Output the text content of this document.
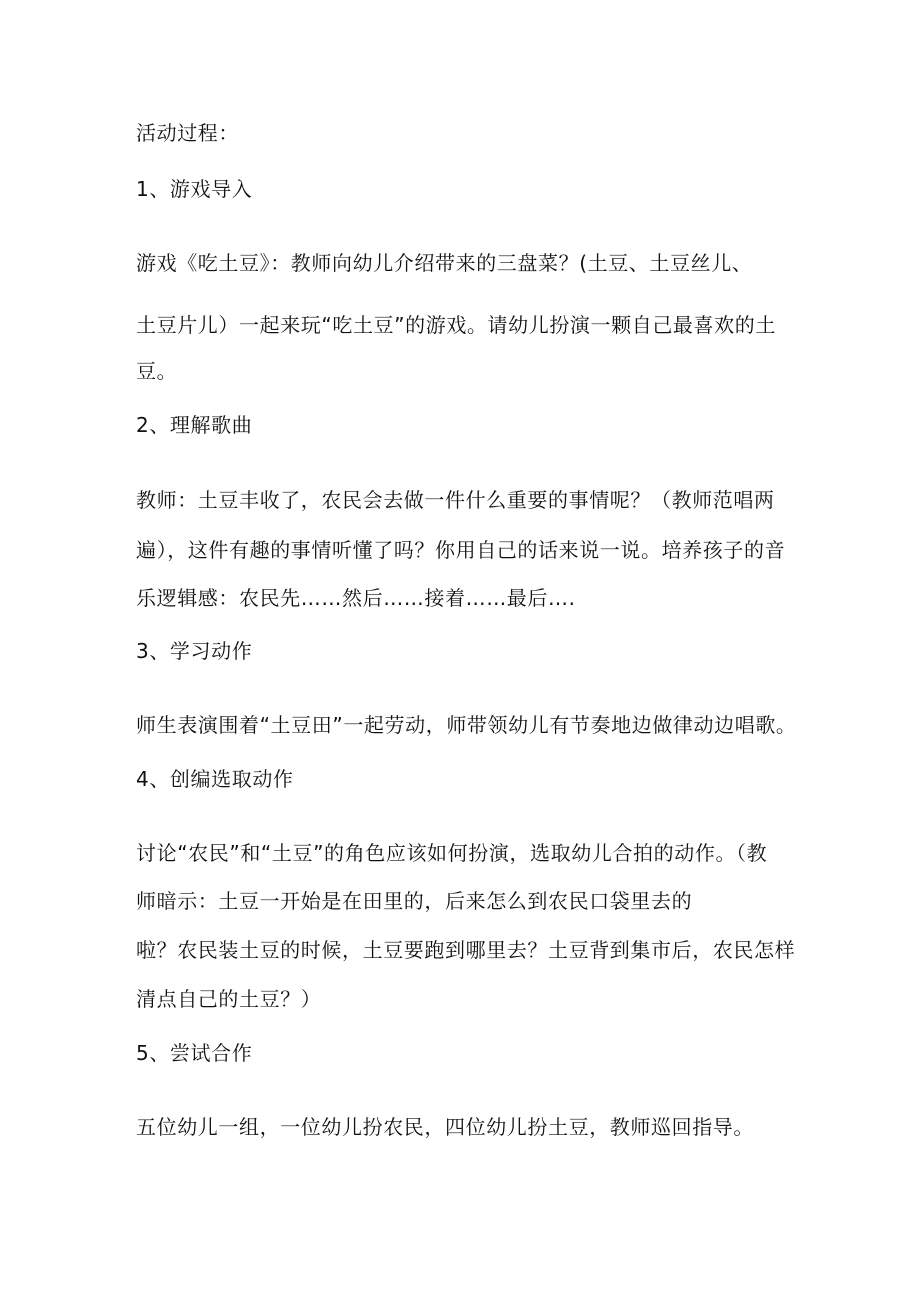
活动过程：
1、游戏导入
游戏《吃土豆》：教师向幼儿介绍带来的三盘菜？(土豆、土豆丝儿、
土豆片儿）一起来玩“吃土豆”的游戏。请幼儿扮演一颗自己最喜欢的土
豆。
2、理解歌曲
教师：土豆丰收了，农民会去做一件什么重要的事情呢？（教师范唱两
遍），这件有趣的事情听懂了吗？你用自己的话来说一说。培养孩子的音
乐逻辑感：农民先……然后……接着……最后….
3、学习动作
师生表演围着“土豆田”一起劳动，师带领幼儿有节奏地边做律动边唱歌。
4、创编选取动作
讨论“农民”和“土豆”的角色应该如何扮演，选取幼儿合拍的动作。（教
师暗示：土豆一开始是在田里的，后来怎么到农民口袋里去的
啦？农民装土豆的时候，土豆要跑到哪里去？土豆背到集市后，农民怎样
清点自己的土豆？）
5、尝试合作
五位幼儿一组，一位幼儿扮农民，四位幼儿扮土豆，教师巡回指导。
